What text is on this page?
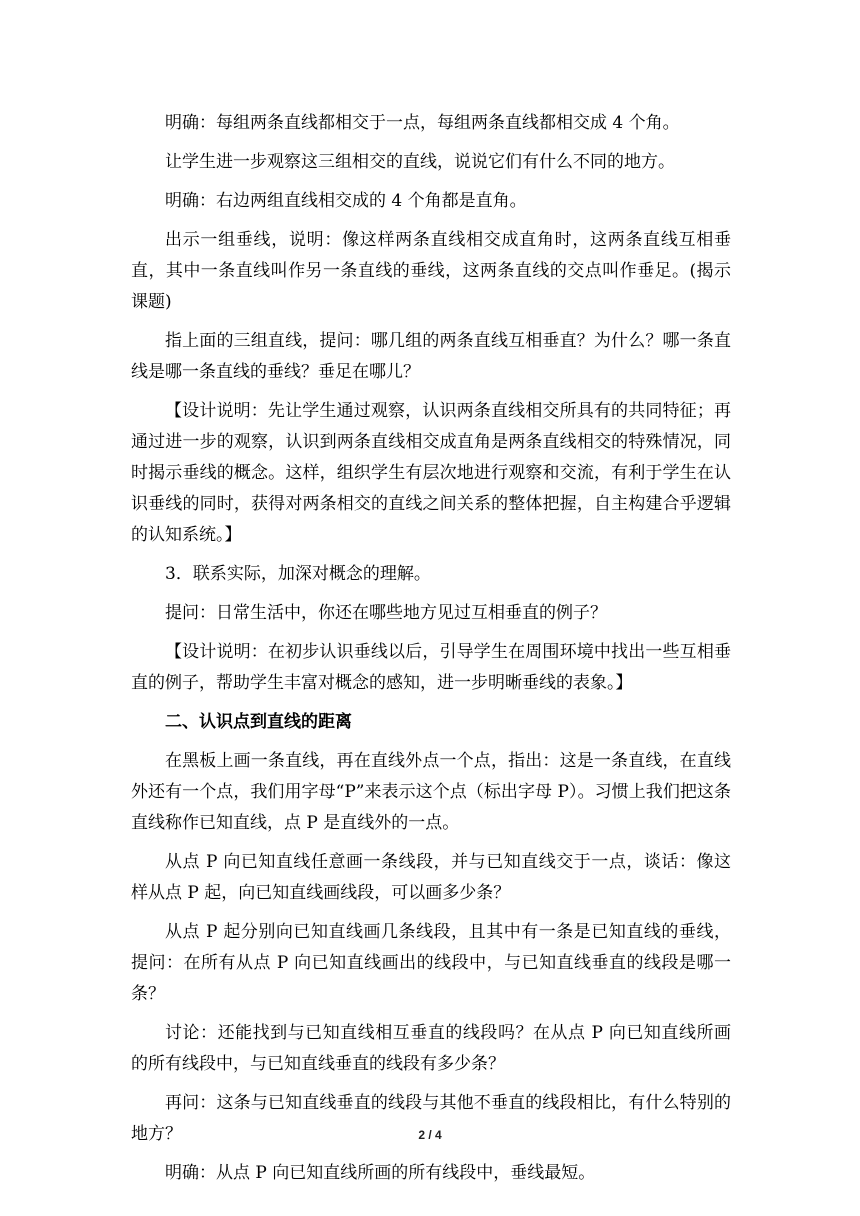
明确：每组两条直线都相交于一点，每组两条直线都相交成 4 个角。

让学生进一步观察这三组相交的直线，说说它们有什么不同的地方。

明确：右边两组直线相交成的 4 个角都是直角。

出示一组垂线，说明：像这样两条直线相交成直角时，这两条直线互相垂直，其中一条直线叫作另一条直线的垂线，这两条直线的交点叫作垂足。(揭示课题)

指上面的三组直线，提问：哪几组的两条直线互相垂直？为什么？哪一条直线是哪一条直线的垂线？垂足在哪儿？

【设计说明：先让学生通过观察，认识两条直线相交所具有的共同特征；再通过进一步的观察，认识到两条直线相交成直角是两条直线相交的特殊情况，同时揭示垂线的概念。这样，组织学生有层次地进行观察和交流，有利于学生在认识垂线的同时，获得对两条相交的直线之间关系的整体把握，自主构建合乎逻辑的认知系统。】

3．联系实际，加深对概念的理解。

提问：日常生活中，你还在哪些地方见过互相垂直的例子？

【设计说明：在初步认识垂线以后，引导学生在周围环境中找出一些互相垂直的例子，帮助学生丰富对概念的感知，进一步明晰垂线的表象。】

二、认识点到直线的距离

在黑板上画一条直线，再在直线外点一个点，指出：这是一条直线，在直线外还有一个点，我们用字母“P”来表示这个点（标出字母 P）。习惯上我们把这条直线称作已知直线，点 P 是直线外的一点。

从点 P 向已知直线任意画一条线段，并与已知直线交于一点，谈话：像这样从点 P 起，向已知直线画线段，可以画多少条？

从点 P 起分别向已知直线画几条线段，且其中有一条是已知直线的垂线，提问：在所有从点 P 向已知直线画出的线段中，与已知直线垂直的线段是哪一条？

讨论：还能找到与已知直线相互垂直的线段吗？在从点 P 向已知直线所画的所有线段中，与已知直线垂直的线段有多少条？

再问：这条与已知直线垂直的线段与其他不垂直的线段相比，有什么特别的地方？

明确：从点 P 向已知直线所画的所有线段中，垂线最短。

2 / 4
